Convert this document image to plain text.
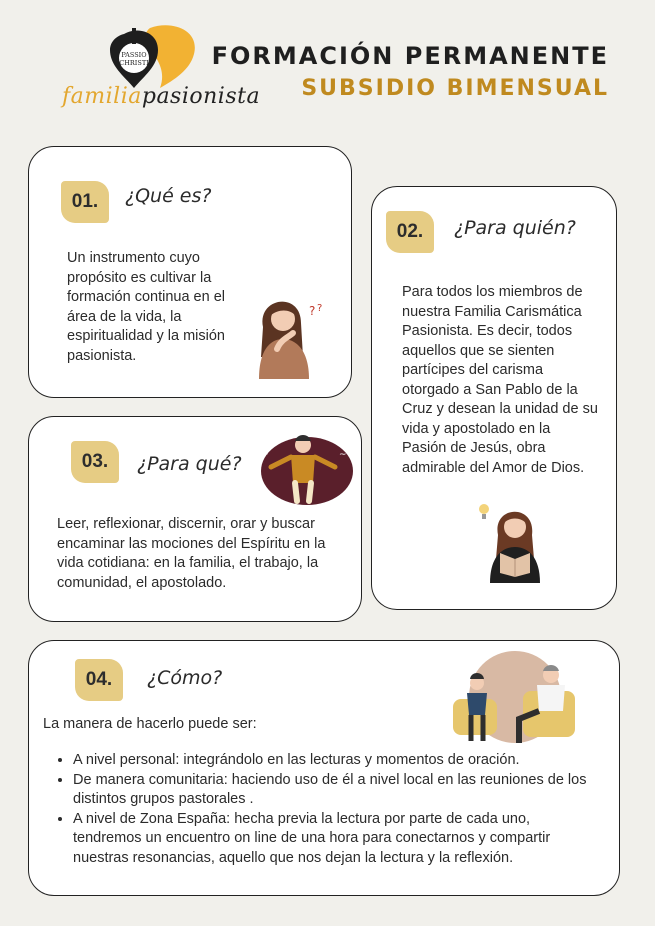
PASSIO
CHRISTI
familiapasionista
FORMACIÓN PERMANENTE
SUBSIDIO BIMENSUAL
01.	¿Qué es?
Un instrumento cuyo propósito es cultivar la formación continua en el área de la vida, la espiritualidad y la misión pasionista.
? ?
02.	¿Para quién?
Para todos los miembros de nuestra Familia Carismática Pasionista. Es decir, todos aquellos que se sienten partícipes del carisma otorgado a San Pablo de la Cruz y desean la unidad de su vida y apostolado en la Pasión de Jesús, obra admirable del Amor de Dios.
03.	¿Para qué?
Leer, reflexionar, discernir, orar y buscar encaminar las mociones del Espíritu en la vida cotidiana: en la familia, el trabajo, la comunidad, el apostolado.
~	~
04.	¿Cómo?
La manera de hacerlo puede ser:
• A nivel personal: integrándolo en las lecturas y momentos de oración.
• De manera comunitaria: haciendo uso de él a nivel local en las reuniones de los distintos grupos pastorales .
• A nivel de Zona España: hecha previa la lectura por parte de cada uno, tendremos un encuentro on line de una hora para conectarnos y compartir nuestras resonancias, aquello que nos dejan la lectura y la reflexión.
